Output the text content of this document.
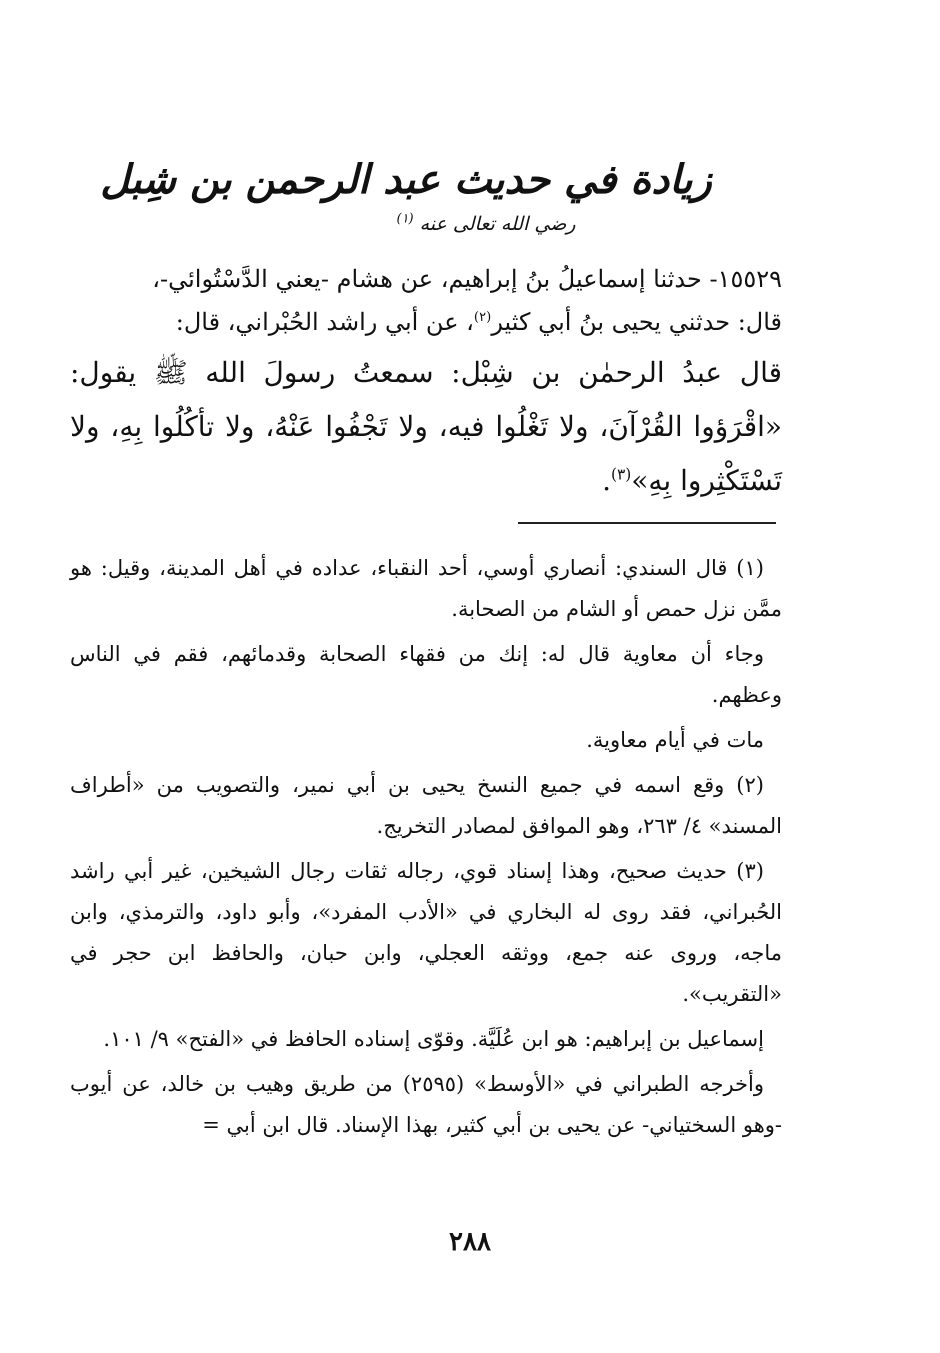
زيادة في حديث عبد الرحمن بن شِبل

رضي الله تعالى عنه $^{(١)}$

١٥٥٢٩- حدثنا إسماعيلُ بنُ إبراهيم، عن هشام -يعني الدَّسْتُوائي-،
قال: حدثني يحيى بنُ أبي كثير$^{(٢)}$، عن أبي راشد الحُبْراني، قال:

قال عبدُ الرحمٰن بن شِبْل: سمعتُ رسولَ الله ﷺ يقول: «اقْرَؤوا القُرْآنَ، ولا تَغْلُوا فيه، ولا تَجْفُوا عَنْهُ، ولا تأكُلُوا بِهِ، ولا تَسْتَكْثِروا بِهِ»$^{(٣)}$.

(١) قال السندي: أنصاري أوسي، أحد النقباء، عداده في أهل المدينة، وقيل: هو ممَّن نزل حمص أو الشام من الصحابة.

وجاء أن معاوية قال له: إنك من فقهاء الصحابة وقدمائهم، فقم في الناس وعظهم.

مات في أيام معاوية.

(٢) وقع اسمه في جميع النسخ يحيى بن أبي نمير، والتصويب من «أطراف المسند» ٤/ ٢٦٣، وهو الموافق لمصادر التخريج.

(٣) حديث صحيح، وهذا إسناد قوي، رجاله ثقات رجال الشيخين، غير أبي راشد الحُبراني، فقد روى له البخاري في «الأدب المفرد»، وأبو داود، والترمذي، وابن ماجه، وروى عنه جمع، ووثقه العجلي، وابن حبان، والحافظ ابن حجر في «التقريب».

إسماعيل بن إبراهيم: هو ابن عُلَيَّة. وقوّى إسناده الحافظ في «الفتح» ٩/ ١٠١.

وأخرجه الطبراني في «الأوسط» (٢٥٩٥) من طريق وهيب بن خالد، عن أيوب -وهو السختياني- عن يحيى بن أبي كثير، بهذا الإسناد. قال ابن أبي =

٢٨٨
